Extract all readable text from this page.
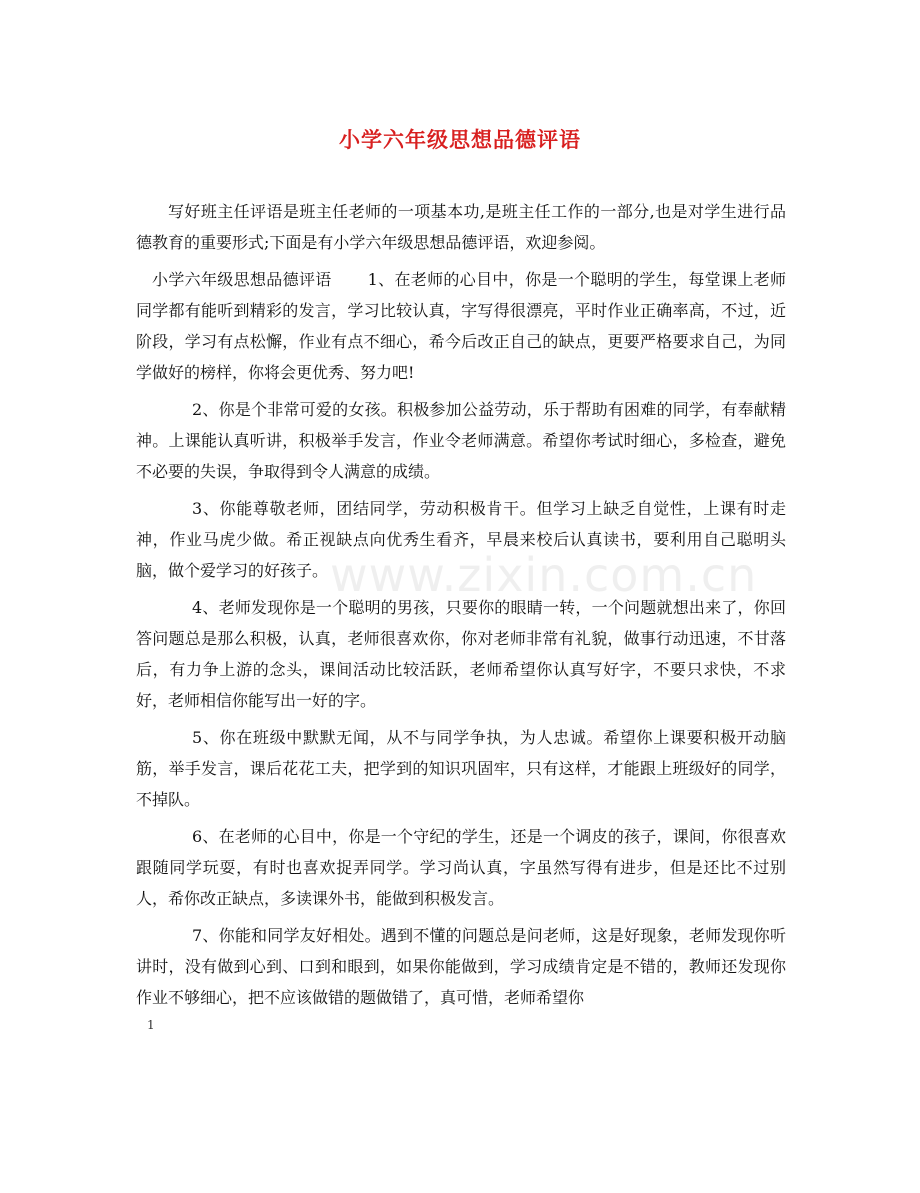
小学六年级思想品德评语

写好班主任评语是班主任老师的一项基本功,是班主任工作的一部分,也是对学生进行品德教育的重要形式;下面是有小学六年级思想品德评语，欢迎参阅。

小学六年级思想品德评语 1、在老师的心目中，你是一个聪明的学生，每堂课上老师同学都有能听到精彩的发言，学习比较认真，字写得很漂亮，平时作业正确率高，不过，近阶段，学习有点松懈，作业有点不细心，希今后改正自己的缺点，更要严格要求自己，为同学做好的榜样，你将会更优秀、努力吧!

2、你是个非常可爱的女孩。积极参加公益劳动，乐于帮助有困难的同学，有奉献精神。上课能认真听讲，积极举手发言，作业令老师满意。希望你考试时细心，多检查，避免不必要的失误，争取得到令人满意的成绩。

3、你能尊敬老师，团结同学，劳动积极肯干。但学习上缺乏自觉性，上课有时走神，作业马虎少做。希正视缺点向优秀生看齐，早晨来校后认真读书，要利用自己聪明头脑，做个爱学习的好孩子。

4、老师发现你是一个聪明的男孩，只要你的眼睛一转，一个问题就想出来了，你回答问题总是那么积极，认真，老师很喜欢你，你对老师非常有礼貌，做事行动迅速，不甘落后，有力争上游的念头，课间活动比较活跃，老师希望你认真写好字，不要只求快，不求好，老师相信你能写出一好的字。

5、你在班级中默默无闻，从不与同学争执，为人忠诚。希望你上课要积极开动脑筋，举手发言，课后花花工夫，把学到的知识巩固牢，只有这样，才能跟上班级好的同学，不掉队。

6、在老师的心目中，你是一个守纪的学生，还是一个调皮的孩子，课间，你很喜欢跟随同学玩耍，有时也喜欢捉弄同学。学习尚认真，字虽然写得有进步，但是还比不过别人，希你改正缺点，多读课外书，能做到积极发言。

7、你能和同学友好相处。遇到不懂的问题总是问老师，这是好现象，老师发现你听讲时，没有做到心到、口到和眼到，如果你能做到，学习成绩肯定是不错的，教师还发现你作业不够细心，把不应该做错的题做错了，真可惜，老师希望你

www.zixin.com.cn
1
